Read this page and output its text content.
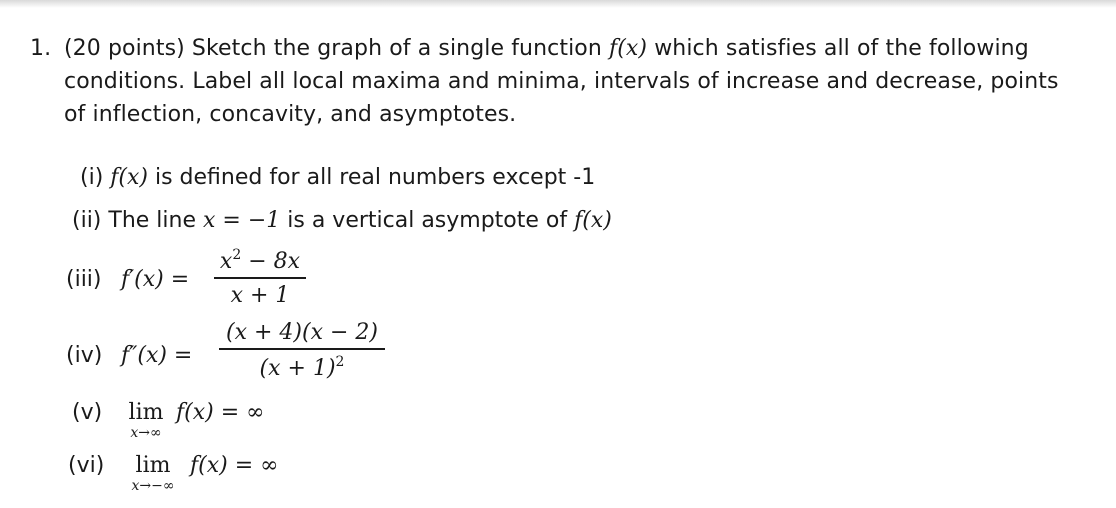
1. (20 points) Sketch the graph of a single function f(x) which satisfies all of the following
conditions. Label all local maxima and minima, intervals of increase and decrease, points
of inflection, concavity, and asymptotes.
(i) f(x) is defined for all real numbers except -1
(ii) The line x = −1 is a vertical asymptote of f(x)
(iii) f′(x) =
$x^2 - 8x$
x + 1
(iv) f″(x) =
(x + 4)(x − 2)
$(x + 1)^2$
(v)	lim
x→∞
f(x) = ∞
(vi)	lim
x→−∞
f(x) = ∞
